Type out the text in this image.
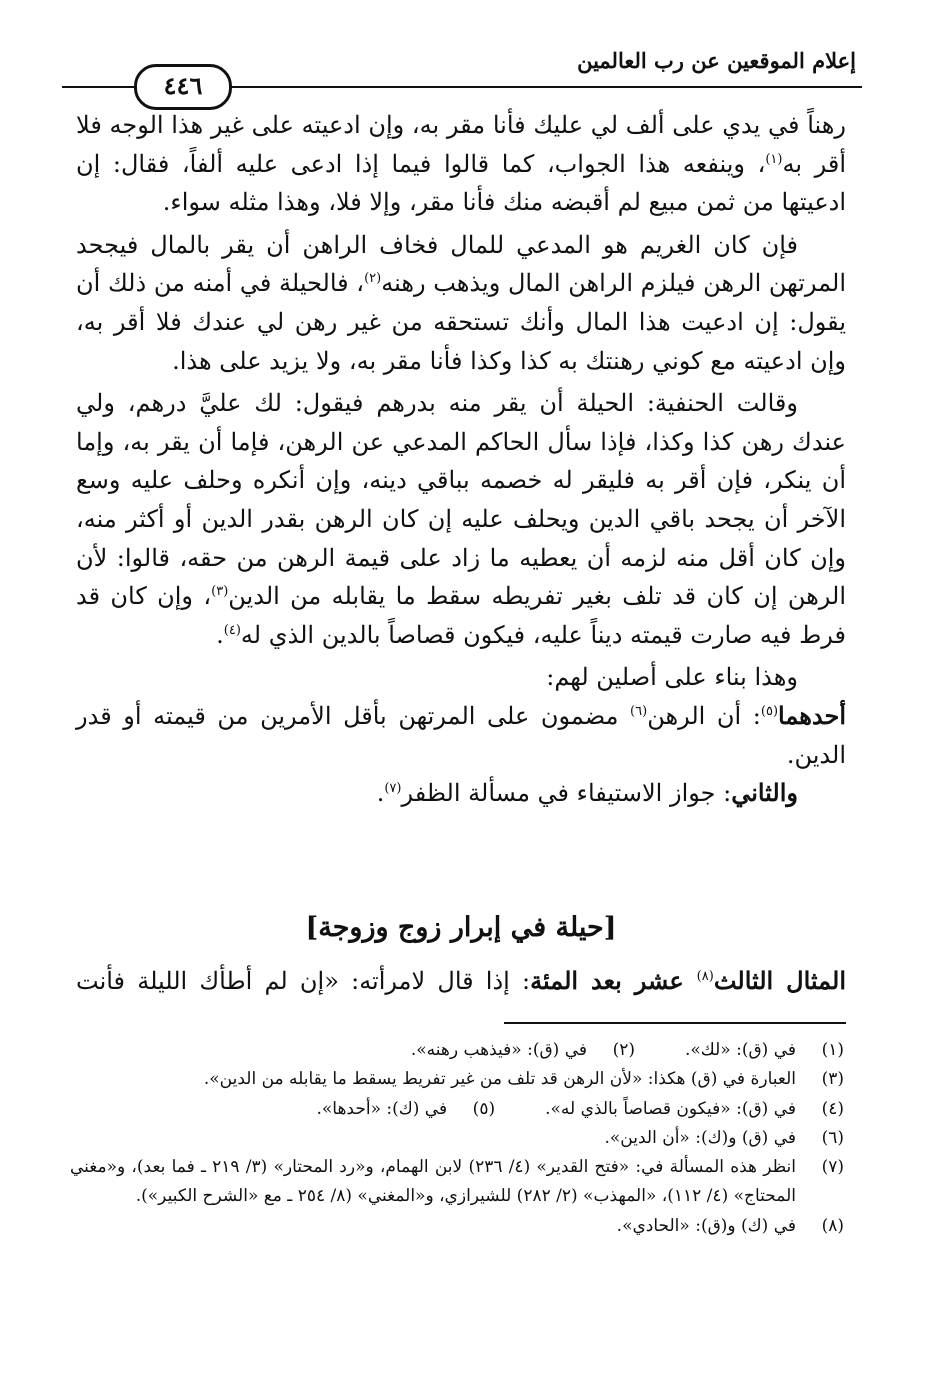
إعلام الموقعين عن رب العالمين
٤٤٦

رهناً في يدي على ألف لي عليك فأنا مقر به، وإن ادعيته على غير هذا الوجه فلا أقر به$^{(١)}$، وينفعه هذا الجواب، كما قالوا فيما إذا ادعى عليه ألفاً، فقال: إن ادعيتها من ثمن مبيع لم أقبضه منك فأنا مقر، وإلا فلا، وهذا مثله سواء.

فإن كان الغريم هو المدعي للمال فخاف الراهن أن يقر بالمال فيجحد المرتهن الرهن فيلزم الراهن المال ويذهب رهنه$^{(٢)}$، فالحيلة في أمنه من ذلك أن يقول: إن ادعيت هذا المال وأنك تستحقه من غير رهن لي عندك فلا أقر به، وإن ادعيته مع كوني رهنتك به كذا وكذا فأنا مقر به، ولا يزيد على هذا.

وقالت الحنفية: الحيلة أن يقر منه بدرهم فيقول: لك عليَّ درهم، ولي عندك رهن كذا وكذا، فإذا سأل الحاكم المدعي عن الرهن، فإما أن يقر به، وإما أن ينكر، فإن أقر به فليقر له خصمه بباقي دينه، وإن أنكره وحلف عليه وسع الآخر أن يجحد باقي الدين ويحلف عليه إن كان الرهن بقدر الدين أو أكثر منه، وإن كان أقل منه لزمه أن يعطيه ما زاد على قيمة الرهن من حقه، قالوا: لأن الرهن إن كان قد تلف بغير تفريطه سقط ما يقابله من الدين$^{(٣)}$، وإن كان قد فرط فيه صارت قيمته ديناً عليه، فيكون قصاصاً بالدين الذي له$^{(٤)}$.

وهذا بناء على أصلين لهم:

أحدهما$^{(٥)}$: أن الرهن$^{(٦)}$ مضمون على المرتهن بأقل الأمرين من قيمته أو قدر الدين.

والثاني: جواز الاستيفاء في مسألة الظفر$^{(٧)}$.

[حيلة في إبرار زوج وزوجة]
المثال الثالث$^{(٨)}$ عشر بعد المئة: إذا قال لامرأته: «إن لم أطأك الليلة فأنت
(١)
في (ق): «لك».
(٢)
في (ق): «فيذهب رهنه».
(٣)
العبارة في (ق) هكذا: «لأن الرهن قد تلف من غير تفريط يسقط ما يقابله من الدين».
(٤)
في (ق): «فيكون قصاصاً بالذي له».
(٥)
في (ك): «أحدها».
(٦)
في (ق) و(ك): «أن الدين».
(٧)
انظر هذه المسألة في: «فتح القدير» (٤/ ٢٣٦) لابن الهمام، و«رد المحتار» (٣/ ٢١٩ ـ فما بعد)، و«مغني المحتاج» (٤/ ١١٢)، «المهذب» (٢/ ٢٨٢) للشيرازي، و«المغني» (٨/ ٢٥٤ ـ مع «الشرح الكبير»).
(٨)
في (ك) و(ق): «الحادي».
